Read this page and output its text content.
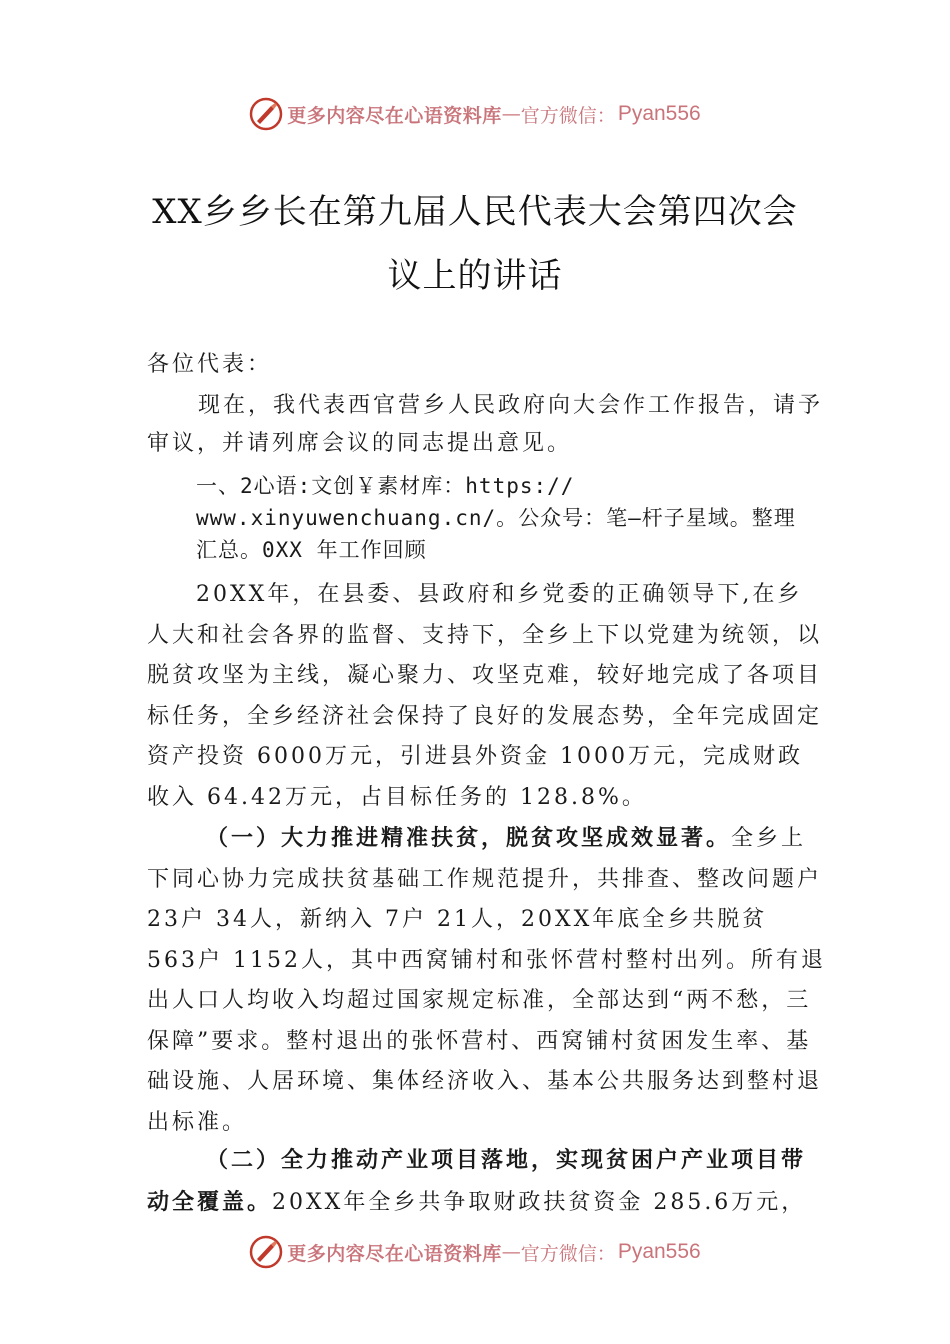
更多内容尽在心语资料库 — 官方微信： Pyan556
XX乡乡长在第九届人民代表大会第四次会
议上的讲话
各位代表：
现在，我代表西官营乡人民政府向大会作工作报告，请予审议，并请列席会议的同志提出意见。
一、2心语:文创￥素材库：https://
www.xinyuwenchuang.cn/。公众号：笔—杆子星域。整理
汇总。0XX 年工作回顾
20XX年，在县委、县政府和乡党委的正确领导下,在乡人大和社会各界的监督、支持下，全乡上下以党建为统领，以脱贫攻坚为主线，凝心聚力、攻坚克难，较好地完成了各项目标任务，全乡经济社会保持了良好的发展态势，全年完成固定资产投资 6000万元，引进县外资金 1000万元，完成财政收入 64.42万元，占目标任务的 128.8%。
（一）大力推进精准扶贫，脱贫攻坚成效显著。全乡上下同心协力完成扶贫基础工作规范提升，共排查、整改问题户 23户 34人，新纳入 7户 21人，20XX年底全乡共脱贫 563户 1152人，其中西窝铺村和张怀营村整村出列。所有退出人口人均收入均超过国家规定标准，全部达到“两不愁，三保障”要求。整村退出的张怀营村、西窝铺村贫困发生率、基础设施、人居环境、集体经济收入、基本公共服务达到整村退出标准。
（二）全力推动产业项目落地，实现贫困户产业项目带动全覆盖。20XX年全乡共争取财政扶贫资金 285.6万元，
更多内容尽在心语资料库 — 官方微信： Pyan556
